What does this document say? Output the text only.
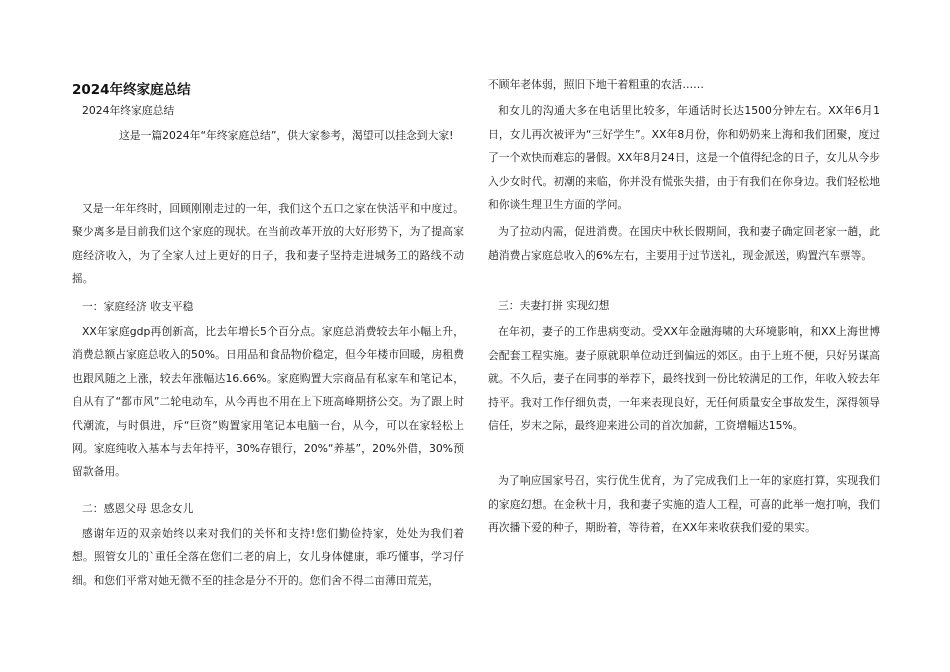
2024年终家庭总结

2024年终家庭总结

这是一篇2024年“年终家庭总结”，供大家参考，渴望可以挂念到大家!

又是一年年终时，回顾刚刚走过的一年，我们这个五口之家在快活平和中度过。聚少离多是目前我们这个家庭的现状。在当前改革开放的大好形势下，为了提高家庭经济收入，为了全家人过上更好的日子，我和妻子坚持走进城务工的路线不动摇。

一：家庭经济 收支平稳

XX年家庭gdp再创新高，比去年增长5个百分点。家庭总消费较去年小幅上升，消费总额占家庭总收入的50%。日用品和食品物价稳定，但今年楼市回暖，房租费也跟风随之上涨，较去年涨幅达16.66%。家庭购置大宗商品有私家车和笔记本，自从有了“都市风”二轮电动车，从今再也不用在上下班高峰期挤公交。为了跟上时代潮流，与时俱进，斥“巨资”购置家用笔记本电脑一台，从今，可以在家轻松上网。家庭纯收入基本与去年持平，30%存银行，20%“养基”，20%外借，30%预留款备用。

二：感恩父母 思念女儿

感谢年迈的双亲始终以来对我们的关怀和支持!您们勤俭持家，处处为我们着想。照管女儿的`重任全落在您们二老的肩上，女儿身体健康，乖巧懂事，学习仔细。和您们平常对她无微不至的挂念是分不开的。您们舍不得二亩薄田荒芜，

不顾年老体弱，照旧下地干着粗重的农活……

和女儿的沟通大多在电话里比较多，年通话时长达1500分钟左右。XX年6月1日，女儿再次被评为“三好学生”。XX年8月份，你和奶奶来上海和我们团聚，度过了一个欢快而难忘的暑假。XX年8月24日，这是一个值得纪念的日子，女儿从今步入少女时代。初潮的来临，你并没有慌张失措，由于有我们在你身边。我们轻松地和你谈生理卫生方面的学问。

为了拉动内需，促进消费。在国庆中秋长假期间，我和妻子确定回老家一趟，此趟消费占家庭总收入的6%左右，主要用于过节送礼，现金派送，购置汽车票等。

三：夫妻打拼 实现幻想

在年初，妻子的工作患病变动。受XX年金融海啸的大环境影响，和XX上海世博会配套工程实施。妻子原就职单位动迁到偏远的郊区。由于上班不便，只好另谋高就。不久后，妻子在同事的举荐下，最终找到一份比较满足的工作，年收入较去年持平。我对工作仔细负责，一年来表现良好，无任何质量安全事故发生，深得领导信任，岁末之际，最终迎来进公司的首次加薪，工资增幅达15%。

为了响应国家号召，实行优生优育，为了完成我们上一年的家庭打算，实现我们的家庭幻想。在金秋十月，我和妻子实施的造人工程，可喜的此举一炮打响，我们再次播下爱的种子，期盼着，等待着，在XX年来收获我们爱的果实。
